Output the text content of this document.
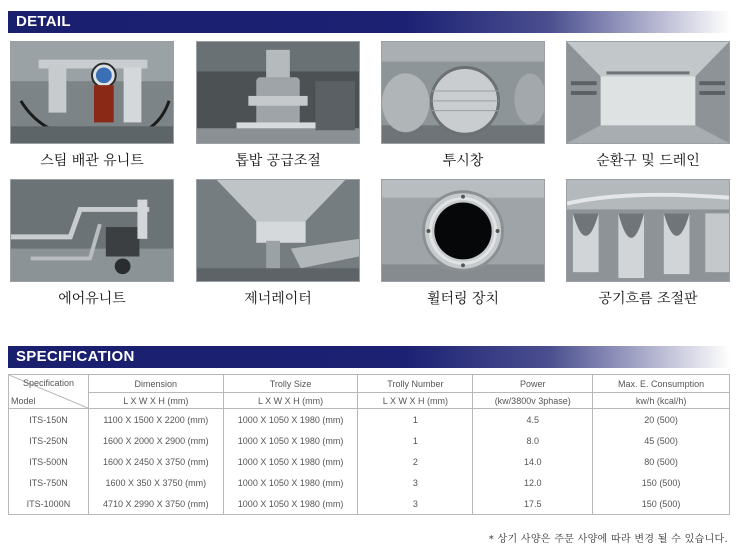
DETAIL
스팀 배관 유니트	톱밥 공급조절	투시창	순환구 및 드레인
에어유니트	제너레이터	휠터링 장치	공기흐름 조절판
SPECIFICATION
Specification
Model	Dimension	Trolly Size	Trolly Number	Power	Max. E. Consumption
	L X W X H (mm)	L X W X H (mm)	L X W X H (mm)	(kw/3800v 3phase)	kw/h (kcal/h)
ITS-150N	1100 X 1500 X 2200 (mm)	1000 X 1050 X 1980 (mm)	1	4.5	20 (500)
ITS-250N	1600 X 2000 X 2900 (mm)	1000 X 1050 X 1980 (mm)	1	8.0	45 (500)
ITS-500N	1600 X 2450 X 3750 (mm)	1000 X 1050 X 1980 (mm)	2	14.0	80 (500)
ITS-750N	1600 X 350 X 3750 (mm)	1000 X 1050 X 1980 (mm)	3	12.0	150 (500)
ITS-1000N	4710 X 2990 X 3750 (mm)	1000 X 1050 X 1980 (mm)	3	17.5	150 (500)
* 상기 사양은 주문 사양에 따라 변경 될 수 있습니다.
